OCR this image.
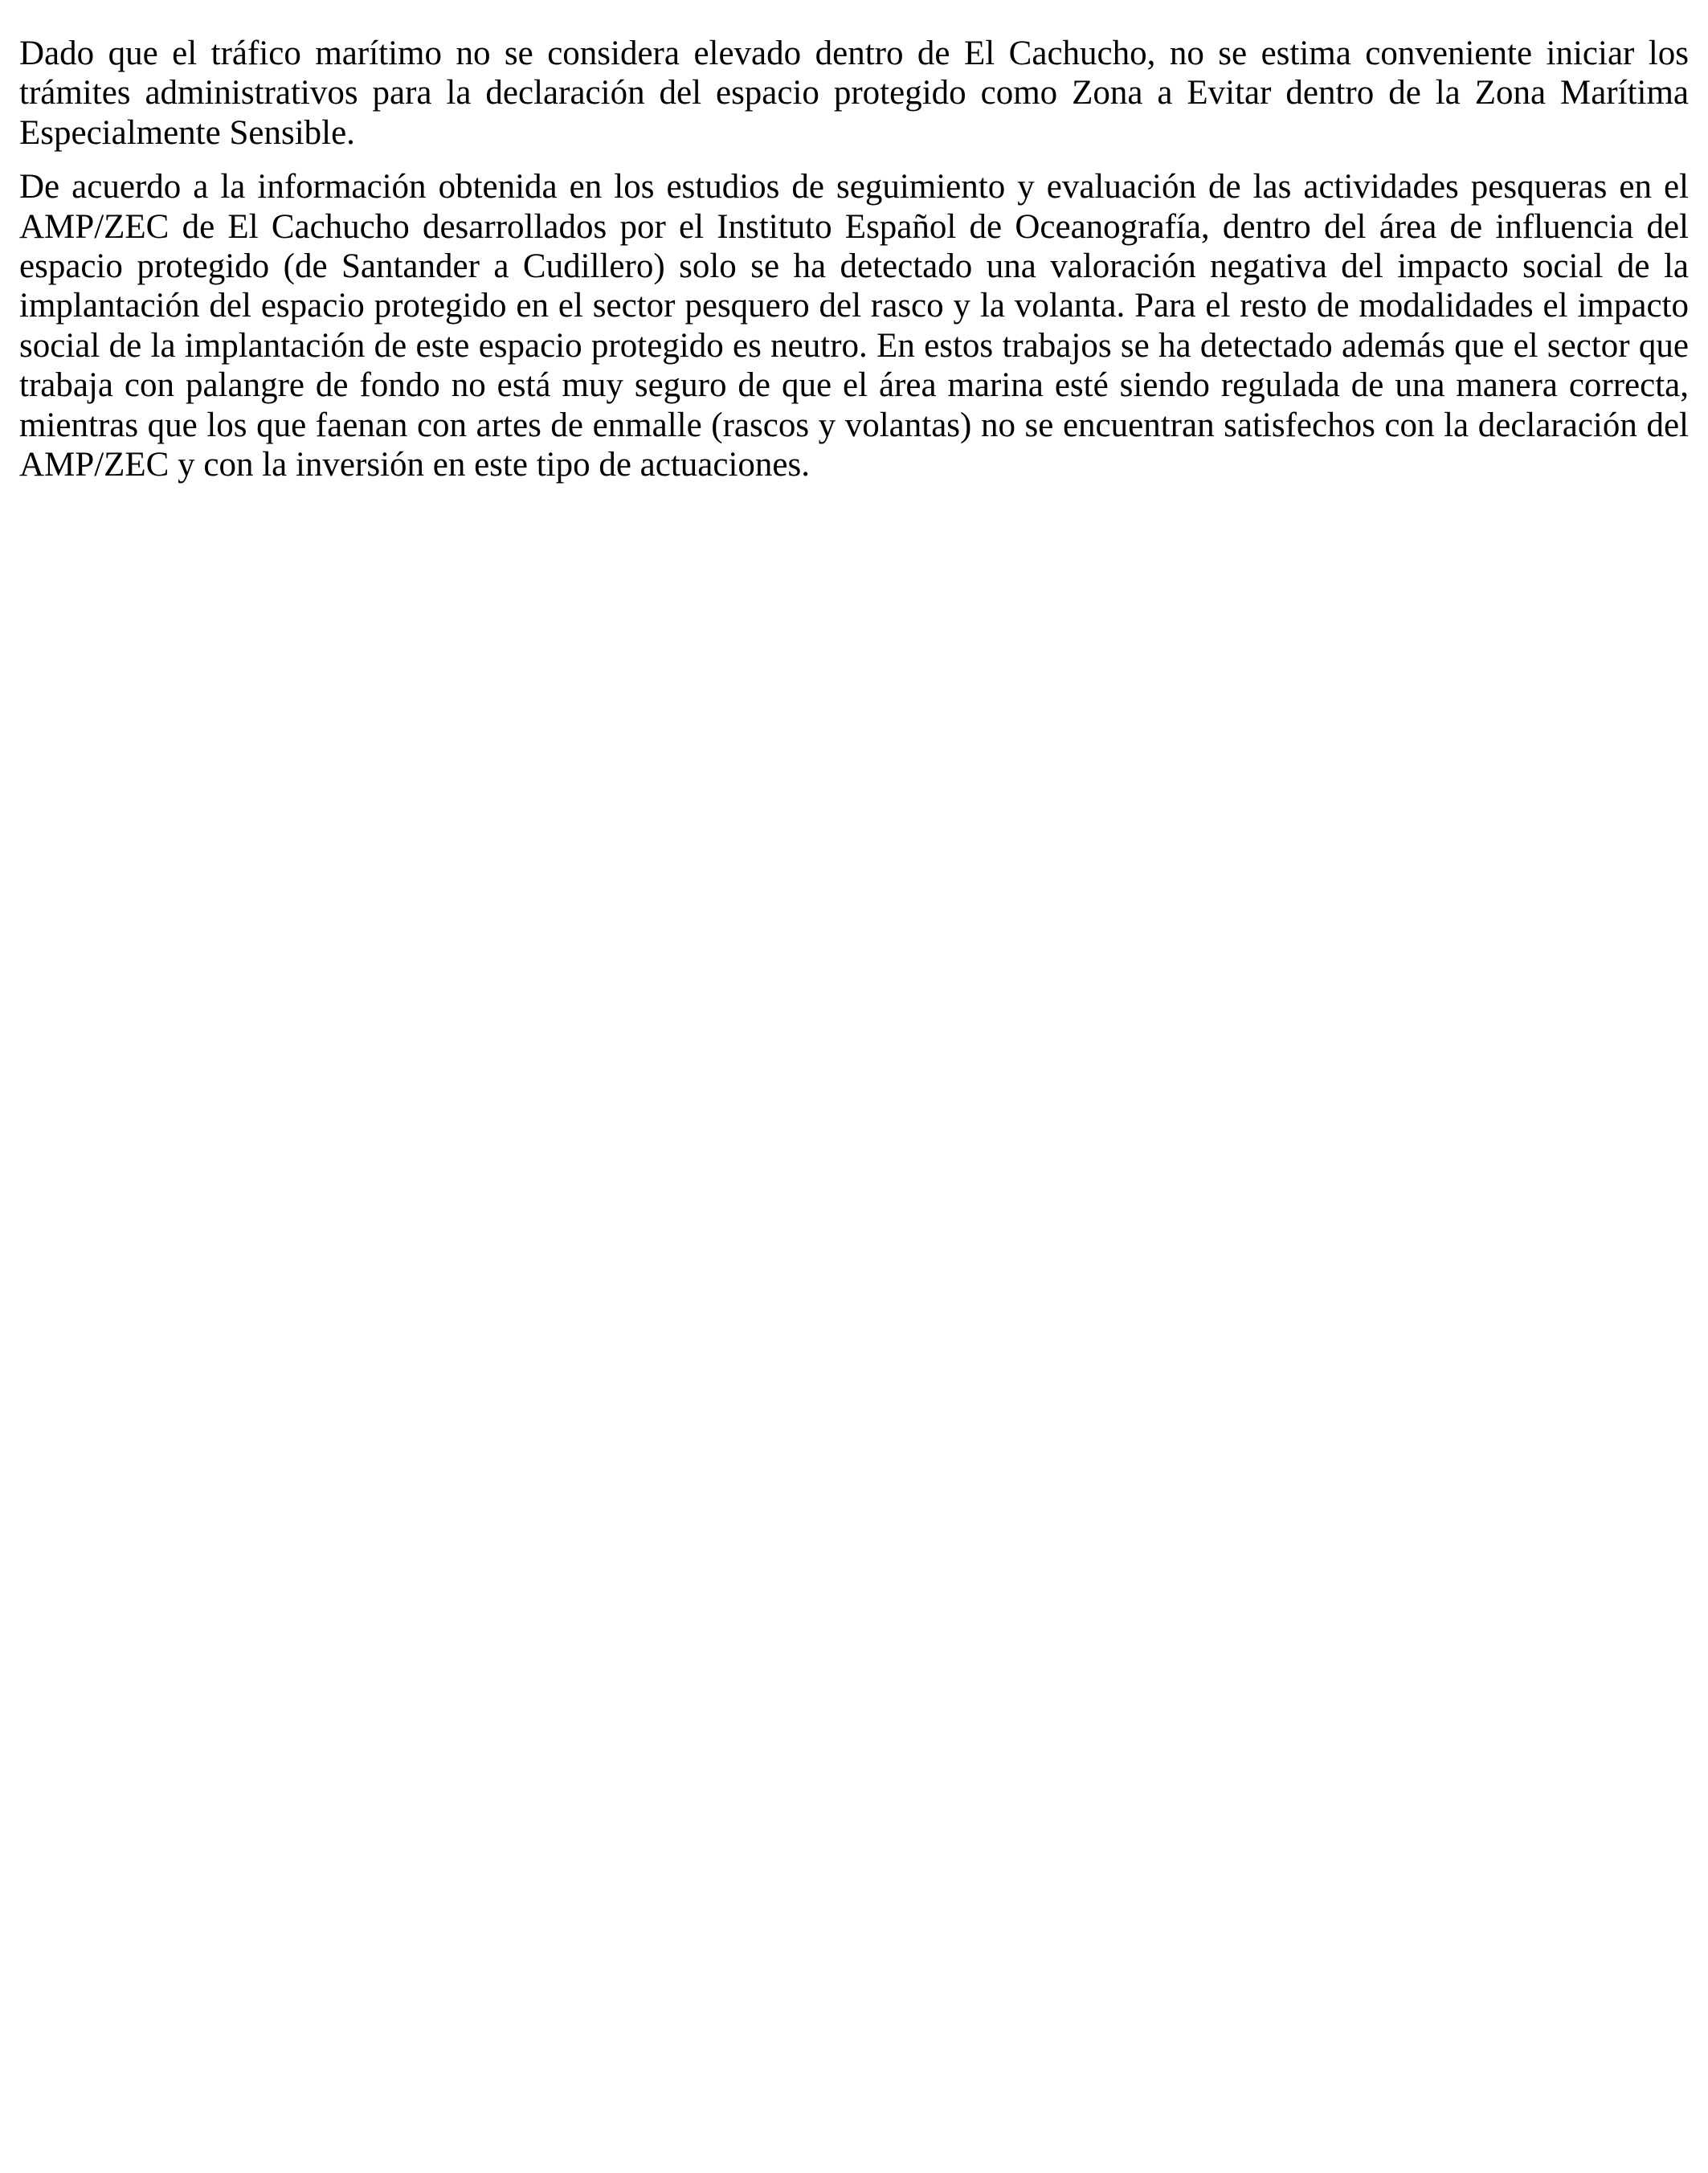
Dado que el tráfico marítimo no se considera elevado dentro de El Cachucho, no se estima conveniente iniciar los trámites administrativos para la declaración del espacio protegido como Zona a Evitar dentro de la Zona Marítima Especialmente Sensible.

De acuerdo a la información obtenida en los estudios de seguimiento y evaluación de las actividades pesqueras en el AMP/ZEC de El Cachucho desarrollados por el Instituto Español de Oceanografía, dentro del área de influencia del espacio protegido (de Santander a Cudillero) solo se ha detectado una valoración negativa del impacto social de la implantación del espacio protegido en el sector pesquero del rasco y la volanta. Para el resto de modalidades el impacto social de la implantación de este espacio protegido es neutro. En estos trabajos se ha detectado además que el sector que trabaja con palangre de fondo no está muy seguro de que el área marina esté siendo regulada de una manera correcta, mientras que los que faenan con artes de enmalle (rascos y volantas) no se encuentran satisfechos con la declaración del AMP/ZEC y con la inversión en este tipo de actuaciones.
